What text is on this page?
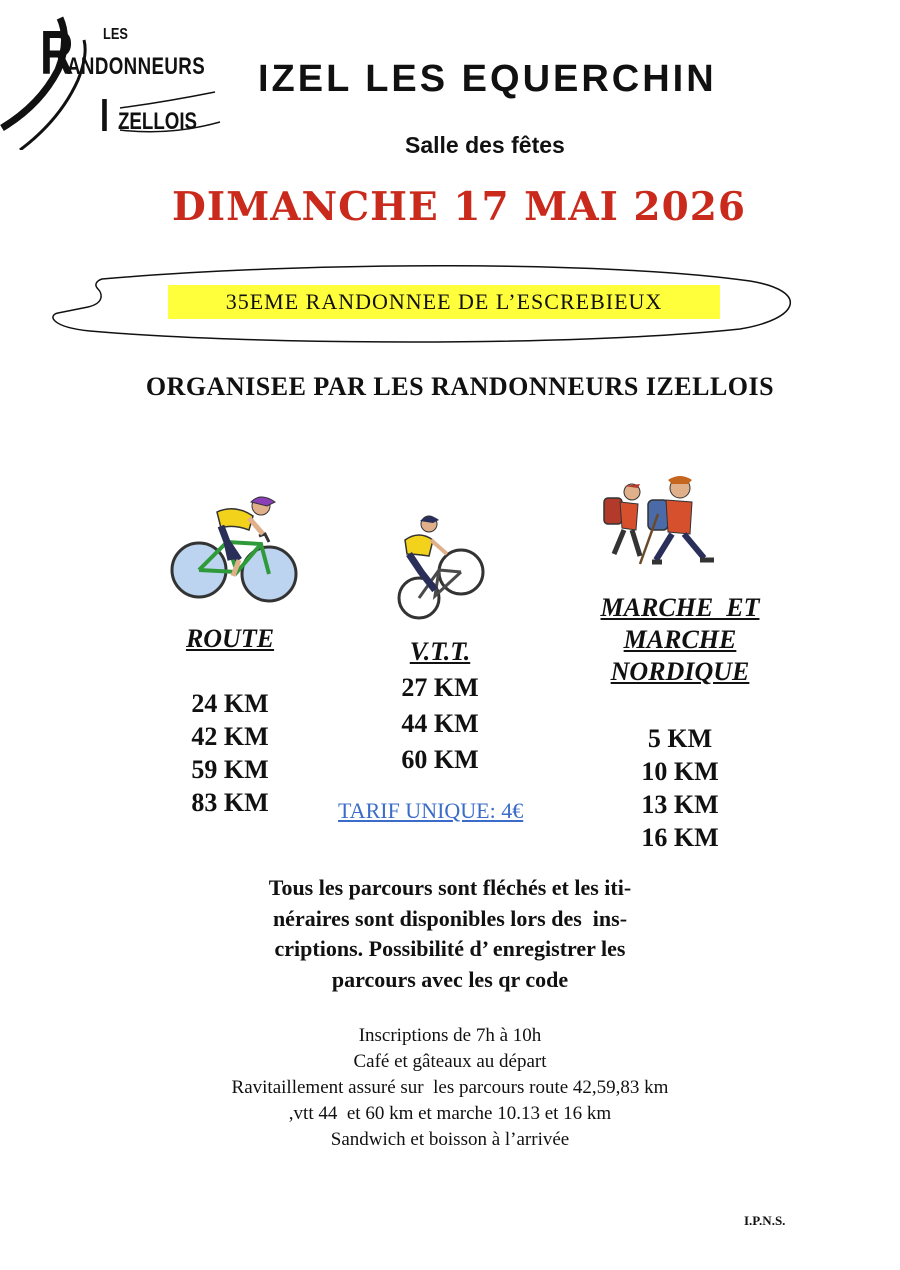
LES
R
ANDONNEURS
I ZELLOIS
IZEL LES EQUERCHIN
Salle des fêtes
DIMANCHE 17 MAI 2026
35EME RANDONNEE DE L’ESCREBIEUX
ORGANISEE PAR LES RANDONNEURS IZELLOIS
ROUTE
24 KM
42 KM
59 KM
83 KM
V.T.T.
27 KM
44 KM
60 KM
MARCHE  ET
MARCHE
NORDIQUE
5 KM
10 KM
13 KM
16 KM
TARIF UNIQUE: 4€
Tous les parcours sont fléchés et les iti-
néraires sont disponibles lors des  ins-
criptions. Possibilité d’ enregistrer les
parcours avec les qr code
Inscriptions de 7h à 10h
Café et gâteaux au départ
Ravitaillement assuré sur  les parcours route 42,59,83 km
,vtt 44  et 60 km et marche 10.13 et 16 km
Sandwich et boisson à l’arrivée
I.P.N.S.
